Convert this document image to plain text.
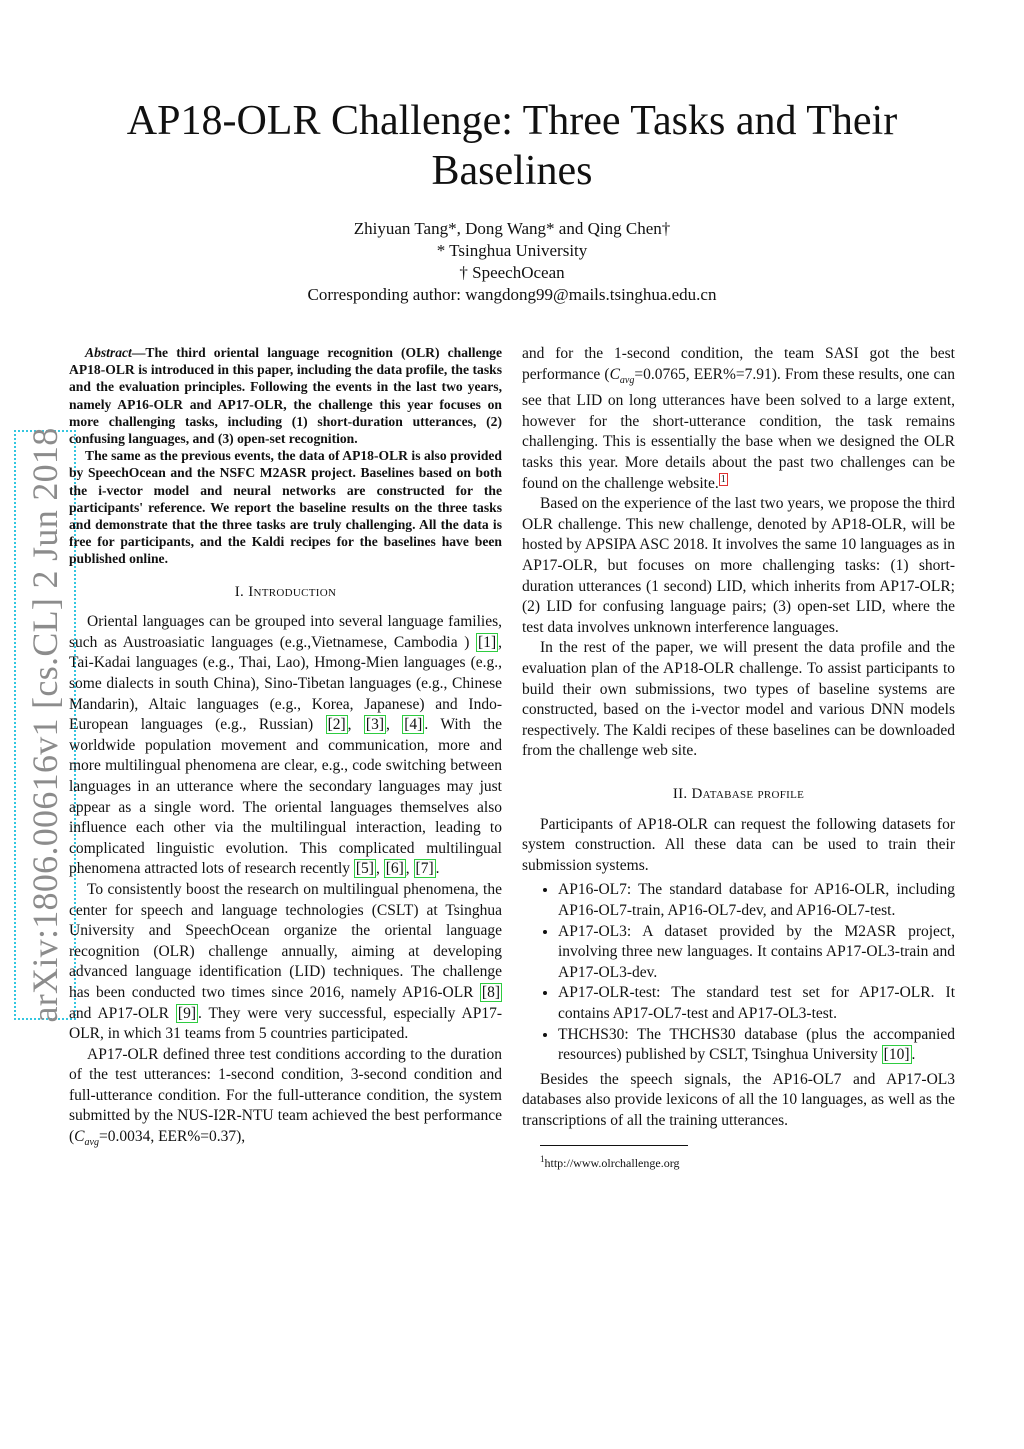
arXiv:1806.00616v1 [cs.CL] 2 Jun 2018
AP18-OLR Challenge: Three Tasks and Their Baselines
Zhiyuan Tang*, Dong Wang* and Qing Chen†
* Tsinghua University
† SpeechOcean
Corresponding author: wangdong99@mails.tsinghua.edu.cn

Abstract—The third oriental language recognition (OLR) challenge AP18-OLR is introduced in this paper, including the data profile, the tasks and the evaluation principles. Following the events in the last two years, namely AP16-OLR and AP17-OLR, the challenge this year focuses on more challenging tasks, including (1) short-duration utterances, (2) confusing languages, and (3) open-set recognition.

The same as the previous events, the data of AP18-OLR is also provided by SpeechOcean and the NSFC M2ASR project. Baselines based on both the i-vector model and neural networks are constructed for the participants' reference. We report the baseline results on the three tasks and demonstrate that the three tasks are truly challenging. All the data is free for participants, and the Kaldi recipes for the baselines have been published online.

I. Introduction

Oriental languages can be grouped into several language families, such as Austroasiatic languages (e.g.,Vietnamese, Cambodia ) [1] , Tai-Kadai languages (e.g., Thai, Lao), Hmong-Mien languages (e.g., some dialects in south China), Sino-Tibetan languages (e.g., Chinese Mandarin), Altaic languages (e.g., Korea, Japanese) and Indo-European languages (e.g., Russian) [2] , [3] , [4] . With the worldwide population movement and communication, more and more multilingual phenomena are clear, e.g., code switching between languages in an utterance where the secondary languages may just appear as a single word. The oriental languages themselves also influence each other via the multilingual interaction, leading to complicated linguistic evolution. This complicated multilingual phenomena attracted lots of research recently [5] , [6] , [7] .

To consistently boost the research on multilingual phenomena, the center for speech and language technologies (CSLT) at Tsinghua University and SpeechOcean organize the oriental language recognition (OLR) challenge annually, aiming at developing advanced language identification (LID) techniques. The challenge has been conducted two times since 2016, namely AP16-OLR [8] and AP17-OLR [9] . They were very successful, especially AP17-OLR, in which 31 teams from 5 countries participated.

AP17-OLR defined three test conditions according to the duration of the test utterances: 1-second condition, 3-second condition and full-utterance condition. For the full-utterance condition, the system submitted by the NUS-I2R-NTU team achieved the best performance ($C_{avg}=0.0034$, EER%=0.37),

and for the 1-second condition, the team SASI got the best performance ($C_{avg}=0.0765$, EER%=7.91). From these results, one can see that LID on long utterances have been solved to a large extent, however for the short-utterance condition, the task remains challenging. This is essentially the base when we designed the OLR tasks this year. More details about the past two challenges can be found on the challenge website. $^1$

Based on the experience of the last two years, we propose the third OLR challenge. This new challenge, denoted by AP18-OLR, will be hosted by APSIPA ASC 2018. It involves the same 10 languages as in AP17-OLR, but focuses on more challenging tasks: (1) short-duration utterances (1 second) LID, which inherits from AP17-OLR; (2) LID for confusing language pairs; (3) open-set LID, where the test data involves unknown interference languages.

In the rest of the paper, we will present the data profile and the evaluation plan of the AP18-OLR challenge. To assist participants to build their own submissions, two types of baseline systems are constructed, based on the i-vector model and various DNN models respectively. The Kaldi recipes of these baselines can be downloaded from the challenge web site.

II. Database profile

Participants of AP18-OLR can request the following datasets for system construction. All these data can be used to train their submission systems.

• AP16-OL7: The standard database for AP16-OLR, including AP16-OL7-train, AP16-OL7-dev, and AP16-OL7-test.
• AP17-OL3: A dataset provided by the M2ASR project, involving three new languages. It contains AP17-OL3-train and AP17-OL3-dev.
• AP17-OLR-test: The standard test set for AP17-OLR. It contains AP17-OL7-test and AP17-OL3-test.
• THCHS30: The THCHS30 database (plus the accompanied resources) published by CSLT, Tsinghua University [10] .

Besides the speech signals, the AP16-OL7 and AP17-OL3 databases also provide lexicons of all the 10 languages, as well as the transcriptions of all the training utterances.

$^1$http://www.olrchallenge.org
